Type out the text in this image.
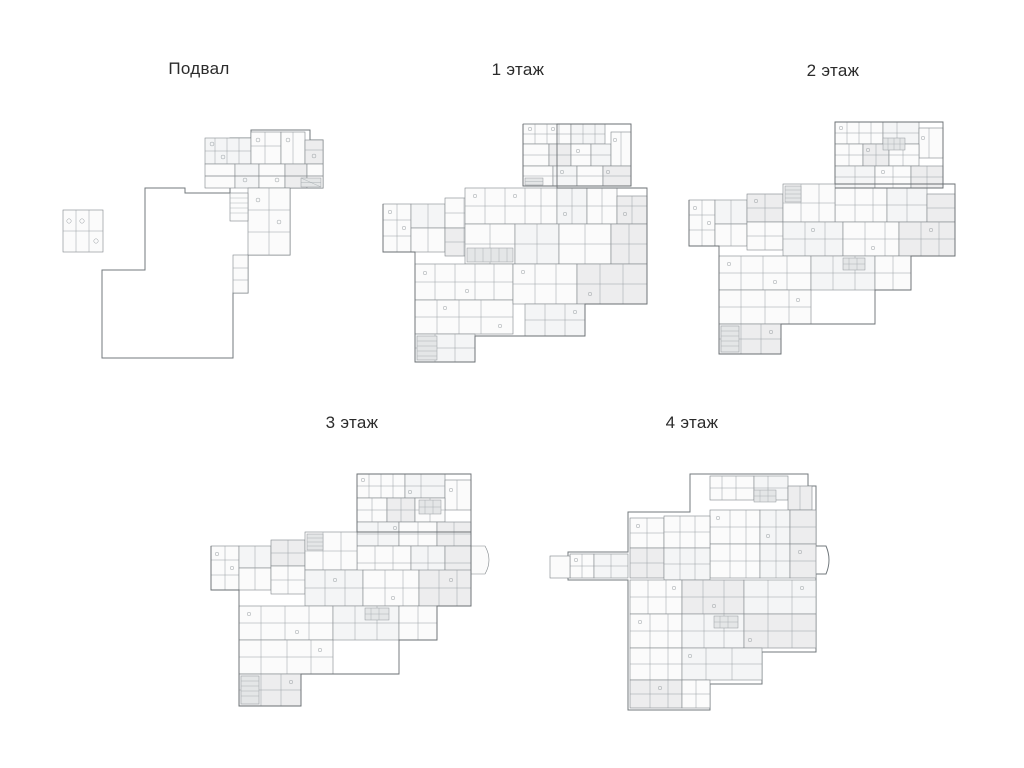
Подвал	1 этаж	2 этаж
3 этаж	4 этаж
